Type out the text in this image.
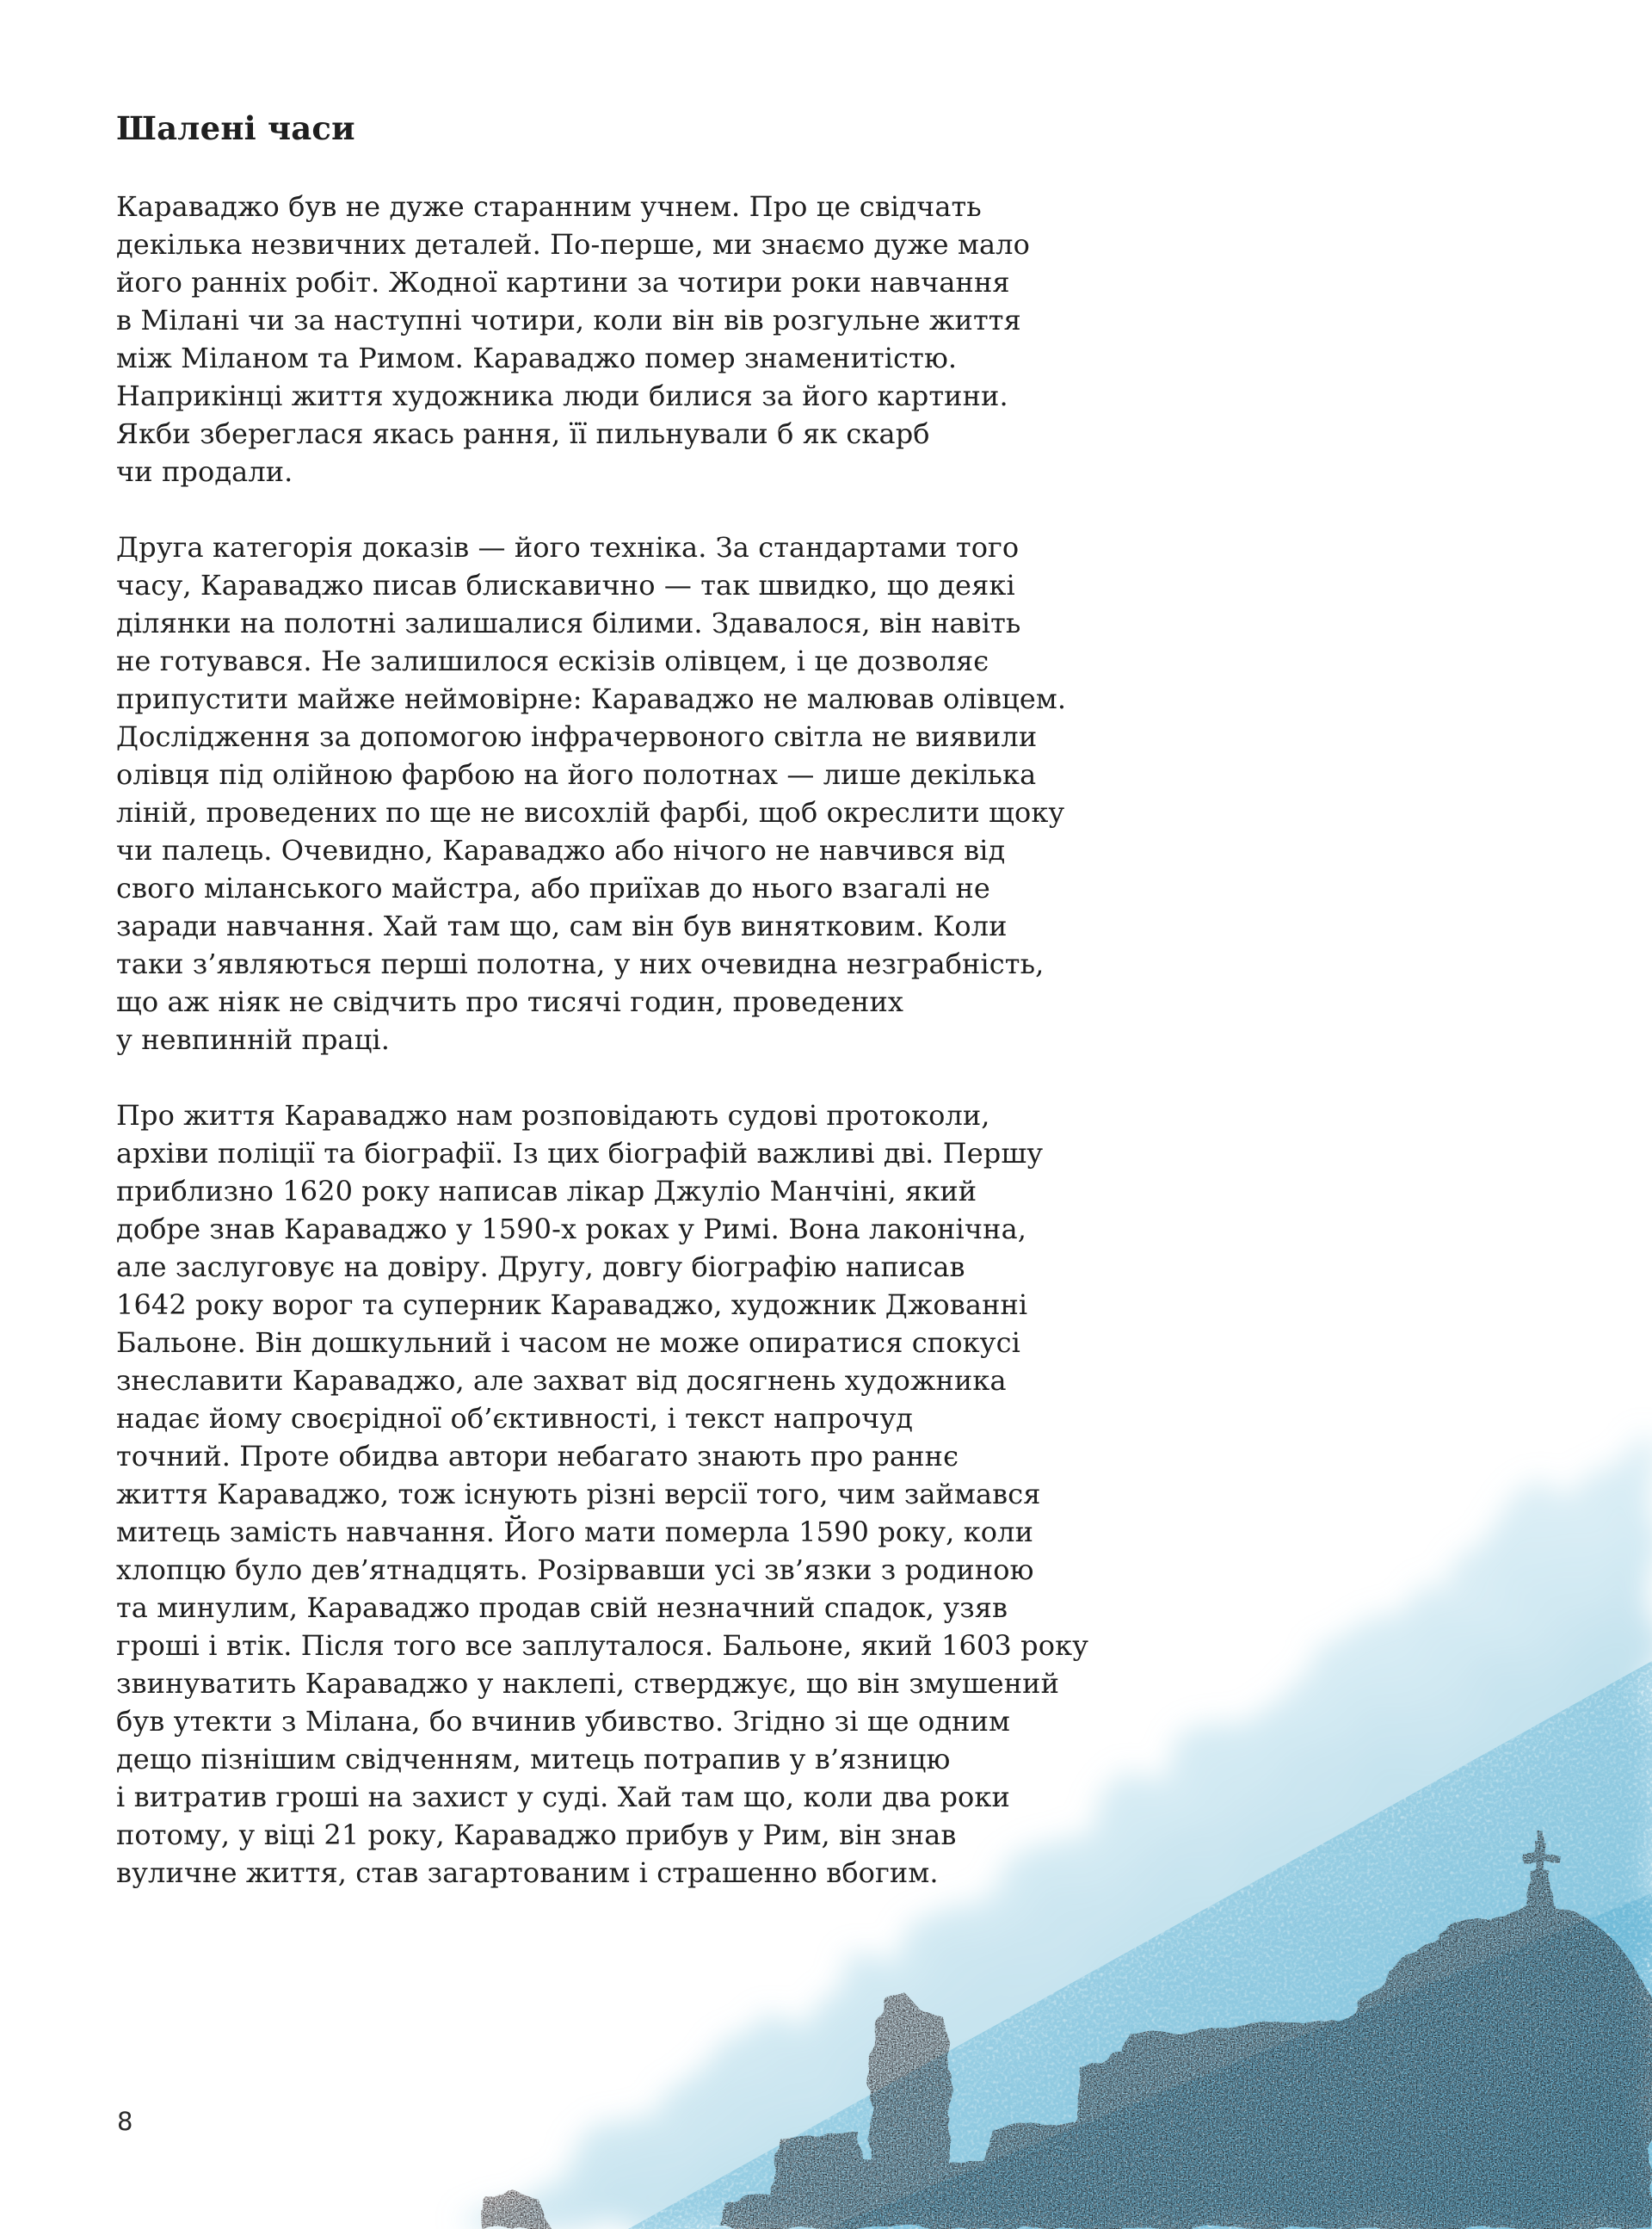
Шалені часи
Караваджо був не дуже старанним учнем. Про це свідчать
декілька незвичних деталей. По-перше, ми знаємо дуже мало
його ранніх робіт. Жодної картини за чотири роки навчання
в Мілані чи за наступні чотири, коли він вів розгульне життя
між Міланом та Римом. Караваджо помер знаменитістю.
Наприкінці життя художника люди билися за його картини.
Якби збереглася якась рання, її пильнували б як скарб
чи продали.
Друга категорія доказів — його техніка. За стандартами того
часу, Караваджо писав блискавично — так швидко, що деякі
ділянки на полотні залишалися білими. Здавалося, він навіть
не готувався. Не залишилося ескізів олівцем, і це дозволяє
припустити майже неймовірне: Караваджо не малював олівцем.
Дослідження за допомогою інфрачервоного світла не виявили
олівця під олійною фарбою на його полотнах — лише декілька
ліній, проведених по ще не висохлій фарбі, щоб окреслити щоку
чи палець. Очевидно, Караваджо або нічого не навчився від
свого міланського майстра, або приїхав до нього взагалі не
заради навчання. Хай там що, сам він був винятковим. Коли
таки з’являються перші полотна, у них очевидна незграбність,
що аж ніяк не свідчить про тисячі годин, проведених
у невпинній праці.
Про життя Караваджо нам розповідають судові протоколи,
архіви поліції та біографії. Із цих біографій важливі дві. Першу
приблизно 1620 року написав лікар Джуліо Манчіні, який
добре знав Караваджо у 1590-х роках у Римі. Вона лаконічна,
але заслуговує на довіру. Другу, довгу біографію написав
1642 року ворог та суперник Караваджо, художник Джованні
Бальоне. Він дошкульний і часом не може опиратися спокусі
знеславити Караваджо, але захват від досягнень художника
надає йому своєрідної об’єктивності, і текст напрочуд
точний. Проте обидва автори небагато знають про раннє
життя Караваджо, тож існують різні версії того, чим займався
митець замість навчання. Його мати померла 1590 року, коли
хлопцю було дев’ятнадцять. Розірвавши усі зв’язки з родиною
та минулим, Караваджо продав свій незначний спадок, узяв
гроші і втік. Після того все заплуталося. Бальоне, який 1603 року
звинуватить Караваджо у наклепі, стверджує, що він змушений
був утекти з Мілана, бо вчинив убивство. Згідно зі ще одним
дещо пізнішим свідченням, митець потрапив у в’язницю
і витратив гроші на захист у суді. Хай там що, коли два роки
потому, у віці 21 року, Караваджо прибув у Рим, він знав
вуличне життя, став загартованим і страшенно вбогим.
8
